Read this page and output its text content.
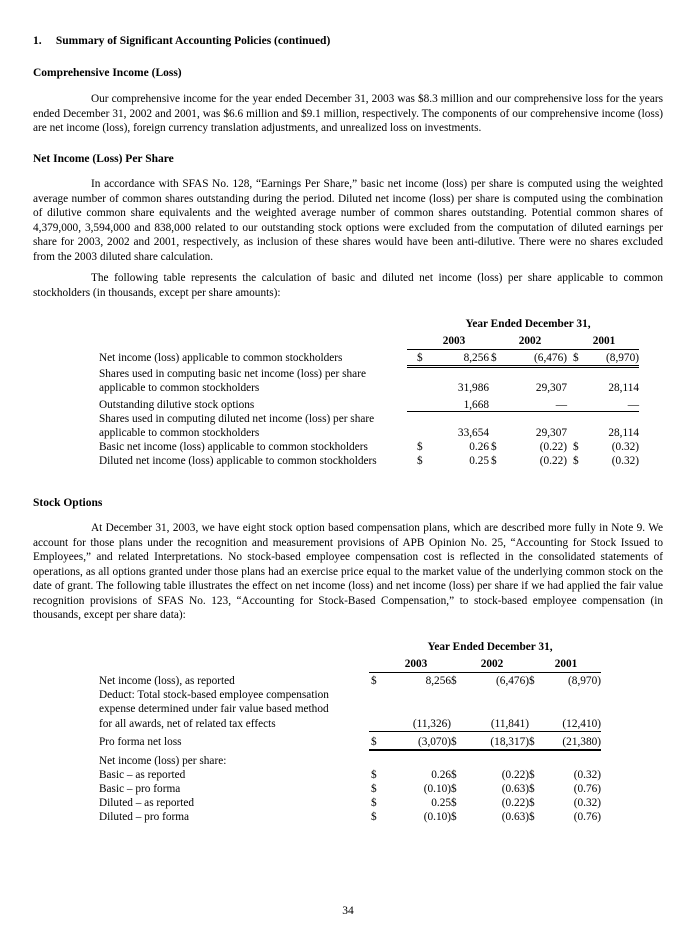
1. Summary of Significant Accounting Policies (continued)
Comprehensive Income (Loss)

Our comprehensive income for the year ended December 31, 2003 was $8.3 million and our comprehensive loss for the years ended December 31, 2002 and 2001, was $6.6 million and $9.1 million, respectively. The components of our comprehensive income (loss) are net income (loss), foreign currency translation adjustments, and unrealized loss on investments.

Net Income (Loss) Per Share

In accordance with SFAS No. 128, “Earnings Per Share,” basic net income (loss) per share is computed using the weighted average number of common shares outstanding during the period. Diluted net income (loss) per share is computed using the combination of dilutive common share equivalents and the weighted average number of common shares outstanding. Potential common shares of 4,379,000, 3,594,000 and 838,000 related to our outstanding stock options were excluded from the computation of diluted earnings per share for 2003, 2002 and 2001, respectively, as inclusion of these shares would have been anti-dilutive. There were no shares excluded from the 2003 diluted share calculation.

The following table represents the calculation of basic and diluted net income (loss) per share applicable to common stockholders (in thousands, except per share amounts):

Year Ended December 31,
2003	2002	2001
Net income (loss) applicable to common stockholders	$	8,256 $	(6,476) $ (8,970)
Shares used in computing basic net income (loss) per share
applicable to common stockholders	31,986	29,307	28,114
Outstanding dilutive stock options	1,668	—	—
Shares used in computing diluted net income (loss) per share
applicable to common stockholders	33,654	29,307	28,114
Basic net income (loss) applicable to common stockholders	$	0.26 $	(0.22) $	(0.32)
Diluted net income (loss) applicable to common stockholders	$	0.25 $	(0.22) $	(0.32)
Stock Options

At December 31, 2003, we have eight stock option based compensation plans, which are described more fully in Note 9. We account for those plans under the recognition and measurement provisions of APB Opinion No. 25, “Accounting for Stock Issued to Employees,” and related Interpretations. No stock-based employee compensation cost is reflected in the consolidated statements of operations, as all options granted under those plans had an exercise price equal to the market value of the underlying common stock on the date of grant. The following table illustrates the effect on net income (loss) and net income (loss) per share if we had applied the fair value recognition provisions of SFAS No. 123, “Accounting for Stock-Based Compensation,” to stock-based employee compensation (in thousands, except per share data):

Year Ended December 31,
2003	2002	2001
Net income (loss), as reported	$	8,256 $	(6,476) $	(8,970)
Deduct: Total stock-based employee compensation
expense determined under fair value based method
for all awards, net of related tax effects	(11,326)	(11,841)	(12,410)
Pro forma net loss	$	(3,070) $	(18,317) $ (21,380)
Net income (loss) per share:
Basic – as reported	$	0.26 $	(0.22) $	(0.32)
Basic – pro forma	$	(0.10) $	(0.63) $	(0.76)
Diluted – as reported	$	0.25 $	(0.22) $	(0.32)
Diluted – pro forma	$	(0.10) $	(0.63) $	(0.76)
34
